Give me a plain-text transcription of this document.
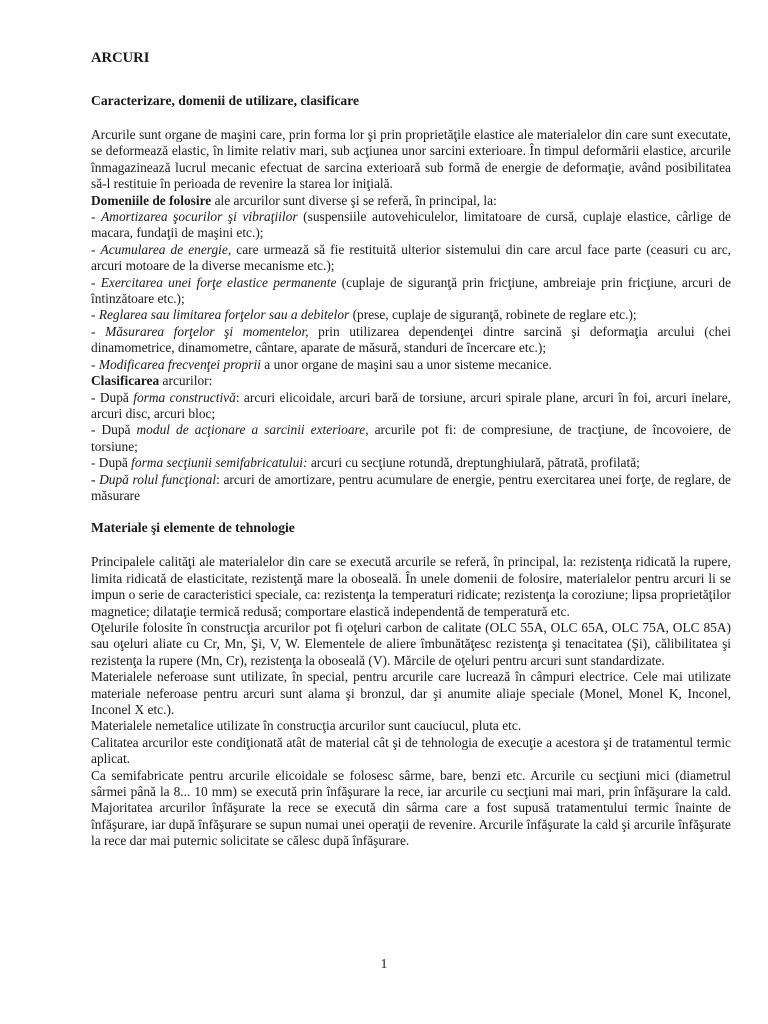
ARCURI
Caracterizare, domenii de utilizare, clasificare

Arcurile sunt organe de maşini care, prin forma lor şi prin proprietăţile elastice ale materialelor din care sunt executate, se deformează elastic, în limite relativ mari, sub acţiunea unor sarcini exterioare. În timpul deformării elastice, arcurile înmagazinează lucrul mecanic efectuat de sarcina exterioară sub formă de energie de deformaţie, având posibilitatea să-l restituie în perioada de revenire la starea lor iniţială.

Domeniile de folosire ale arcurilor sunt diverse şi se referă, în principal, la:

- Amortizarea şocurilor şi vibraţiilor (suspensiile autovehiculelor, limitatoare de cursă, cuplaje elastice, cârlige de macara, fundaţii de maşini etc.);

- Acumularea de energie, care urmează să fie restituită ulterior sistemului din care arcul face parte (ceasuri cu arc, arcuri motoare de la diverse mecanisme etc.);

- Exercitarea unei forţe elastice permanente (cuplaje de siguranţă prin fricţiune, ambreiaje prin fricţiune, arcuri de întinzătoare etc.);

- Reglarea sau limitarea forţelor sau a debitelor (prese, cuplaje de siguranţă, robinete de reglare etc.);

- Măsurarea forţelor şi momentelor, prin utilizarea dependenţei dintre sarcină şi deformaţia arcului (chei dinamometrice, dinamometre, cântare, aparate de măsură, standuri de încercare etc.);

- Modificarea frecvenţei proprii a unor organe de maşini sau a unor sisteme mecanice.

Clasificarea arcurilor:

- După forma constructivă: arcuri elicoidale, arcuri bară de torsiune, arcuri spirale plane, arcuri în foi, arcuri inelare, arcuri disc, arcuri bloc;

- După modul de acţionare a sarcinii exterioare, arcurile pot fi: de compresiune, de tracţiune, de încovoiere, de torsiune;

- După forma secţiunii semifabricatului: arcuri cu secţiune rotundă, dreptunghiulară, pătrată, profilată;

- După rolul funcţional: arcuri de amortizare, pentru acumulare de energie, pentru exercitarea unei forţe, de reglare, de măsurare

Materiale şi elemente de tehnologie

Principalele calităţi ale materialelor din care se execută arcurile se referă, în principal, la: rezistenţa ridicată la rupere, limita ridicată de elasticitate, rezistenţă mare la oboseală. În unele domenii de folosire, materialelor pentru arcuri li se impun o serie de caracteristici speciale, ca: rezistenţa la temperaturi ridicate; rezistenţa la coroziune; lipsa proprietăţilor magnetice; dilataţie termică redusă; comportare elastică independentă de temperatură etc.

Oţelurile folosite în construcţia arcurilor pot fi oţeluri carbon de calitate (OLC 55A, OLC 65A, OLC 75A, OLC 85A) sau oţeluri aliate cu Cr, Mn, Şi, V, W. Elementele de aliere îmbunătăţesc rezistenţa şi tenacitatea (Şi), călibilitatea şi rezistenţa la rupere (Mn, Cr), rezistenţa la oboseală (V). Mărcile de oţeluri pentru arcuri sunt standardizate.

Materialele neferoase sunt utilizate, în special, pentru arcurile care lucrează în câmpuri electrice. Cele mai utilizate materiale neferoase pentru arcuri sunt alama şi bronzul, dar şi anumite aliaje speciale (Monel, Monel K, Inconel, Inconel X etc.).

Materialele nemetalice utilizate în construcţia arcurilor sunt cauciucul, pluta etc.

Calitatea arcurilor este condiţionată atât de material cât şi de tehnologia de execuţie a acestora şi de tratamentul termic aplicat.

Ca semifabricate pentru arcurile elicoidale se folosesc sârme, bare, benzi etc. Arcurile cu secţiuni mici (diametrul sârmei până la 8... 10 mm) se execută prin înfăşurare la rece, iar arcurile cu secţiuni mai mari, prin înfăşurare la cald. Majoritatea arcurilor înfăşurate la rece se execută din sârma care a fost supusă tratamentului termic înainte de înfăşurare, iar după înfăşurare se supun numai unei operaţii de revenire. Arcurile înfăşurate la cald şi arcurile înfăşurate la rece dar mai puternic solicitate se călesc după înfăşurare.

1
